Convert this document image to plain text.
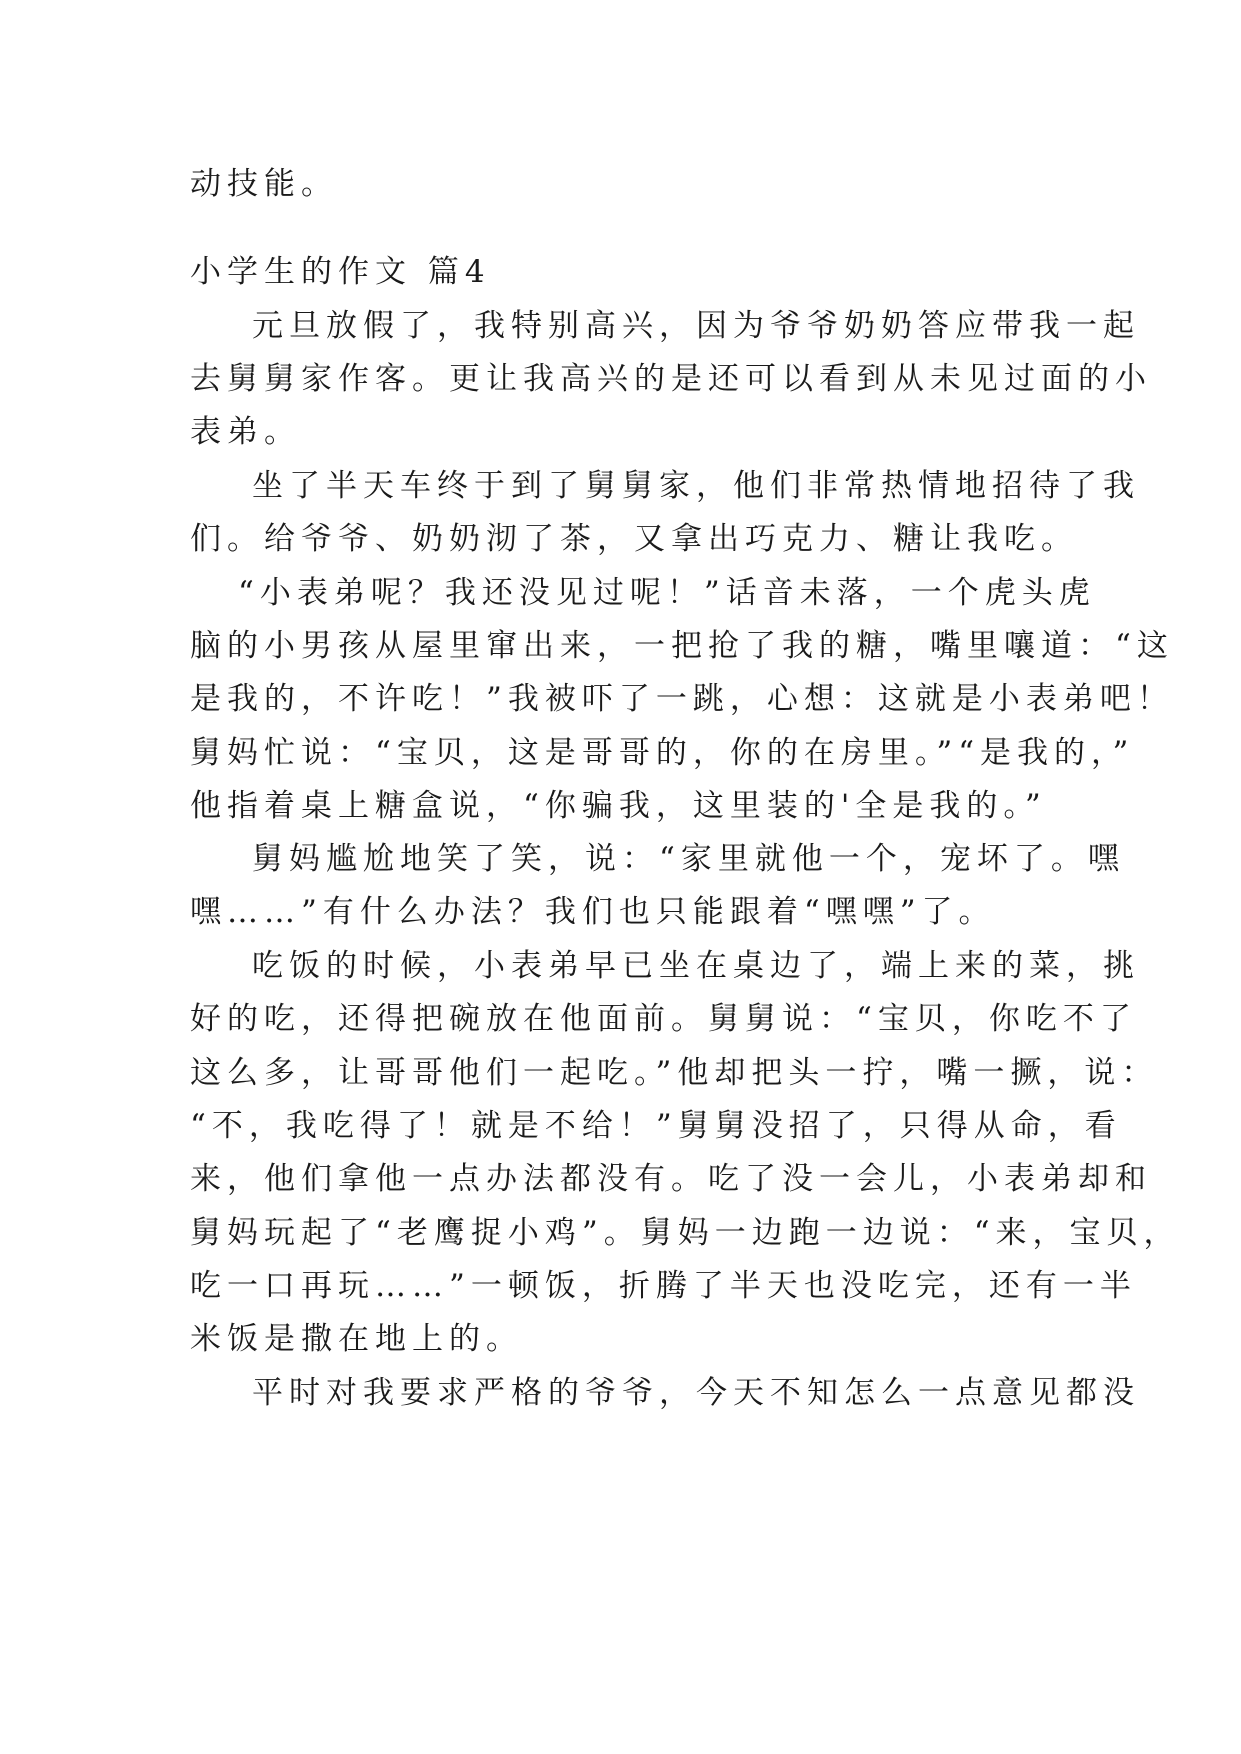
动技能。
小学生的作文 篇4
元旦放假了，我特别高兴，因为爷爷奶奶答应带我一起
去舅舅家作客。更让我高兴的是还可以看到从未见过面的小
表弟。
坐了半天车终于到了舅舅家，他们非常热情地招待了我
们。给爷爷、奶奶沏了茶，又拿出巧克力、糖让我吃。
“小表弟呢？我还没见过呢！”话音未落，一个虎头虎
脑的小男孩从屋里窜出来，一把抢了我的糖，嘴里嚷道：“这
是我的，不许吃！”我被吓了一跳，心想：这就是小表弟吧！
舅妈忙说：“宝贝，这是哥哥的，你的在房里。”“是我的，”
他指着桌上糖盒说，“你骗我，这里装的'全是我的。”
舅妈尴尬地笑了笑，说：“家里就他一个，宠坏了。嘿
嘿……”有什么办法？我们也只能跟着“嘿嘿”了。
吃饭的时候，小表弟早已坐在桌边了，端上来的菜，挑
好的吃，还得把碗放在他面前。舅舅说：“宝贝，你吃不了
这么多，让哥哥他们一起吃。”他却把头一拧，嘴一撅，说：
“不，我吃得了！就是不给！”舅舅没招了，只得从命，看
来，他们拿他一点办法都没有。吃了没一会儿，小表弟却和
舅妈玩起了“老鹰捉小鸡”。舅妈一边跑一边说：“来，宝贝，
吃一口再玩……”一顿饭，折腾了半天也没吃完，还有一半
米饭是撒在地上的。
平时对我要求严格的爷爷，今天不知怎么一点意见都没
